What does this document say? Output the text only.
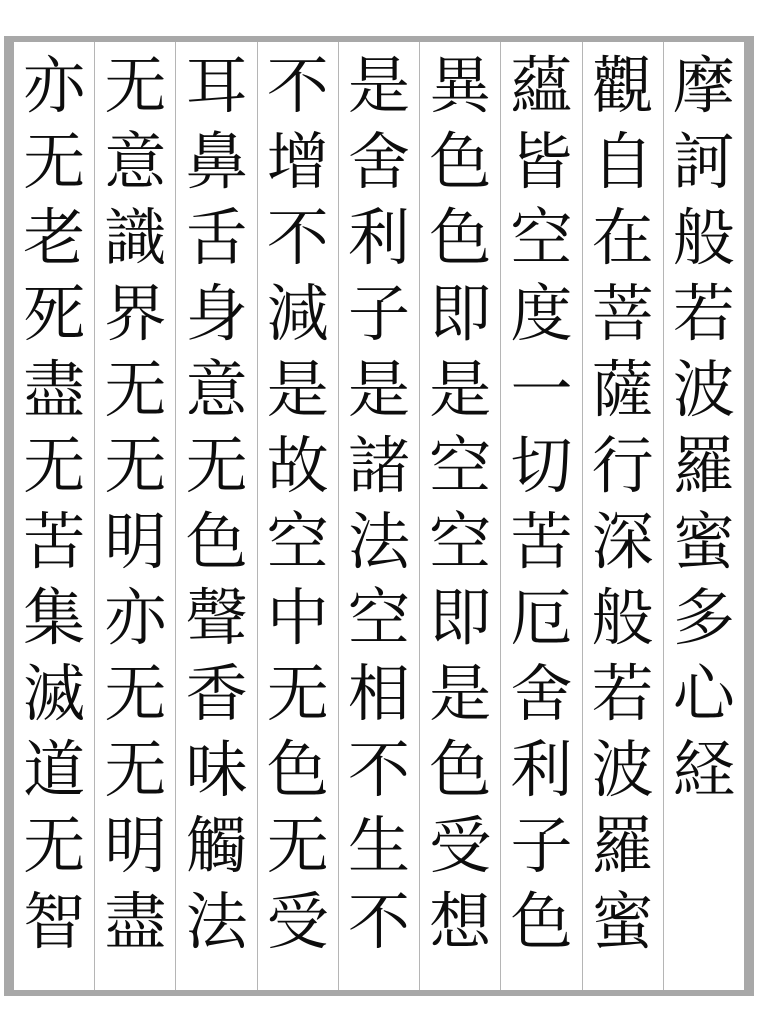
摩
訶
般
若
波
羅
蜜
多
心
経
觀
自
在
菩
薩
行
深
般
若
波
羅
蜜
蘊
皆
空
度
一
切
苦
厄
舍
利
子
色
異
色
色
即
是
空
空
即
是
色
受
想
是
舍
利
子
是
諸
法
空
相
不
生
不
不
增
不
減
是
故
空
中
无
色
无
受
耳
鼻
舌
身
意
无
色
聲
香
味
觸
法
无
意
識
界
无
无
明
亦
无
无
明
盡
亦
无
老
死
盡
无
苦
集
滅
道
无
智
